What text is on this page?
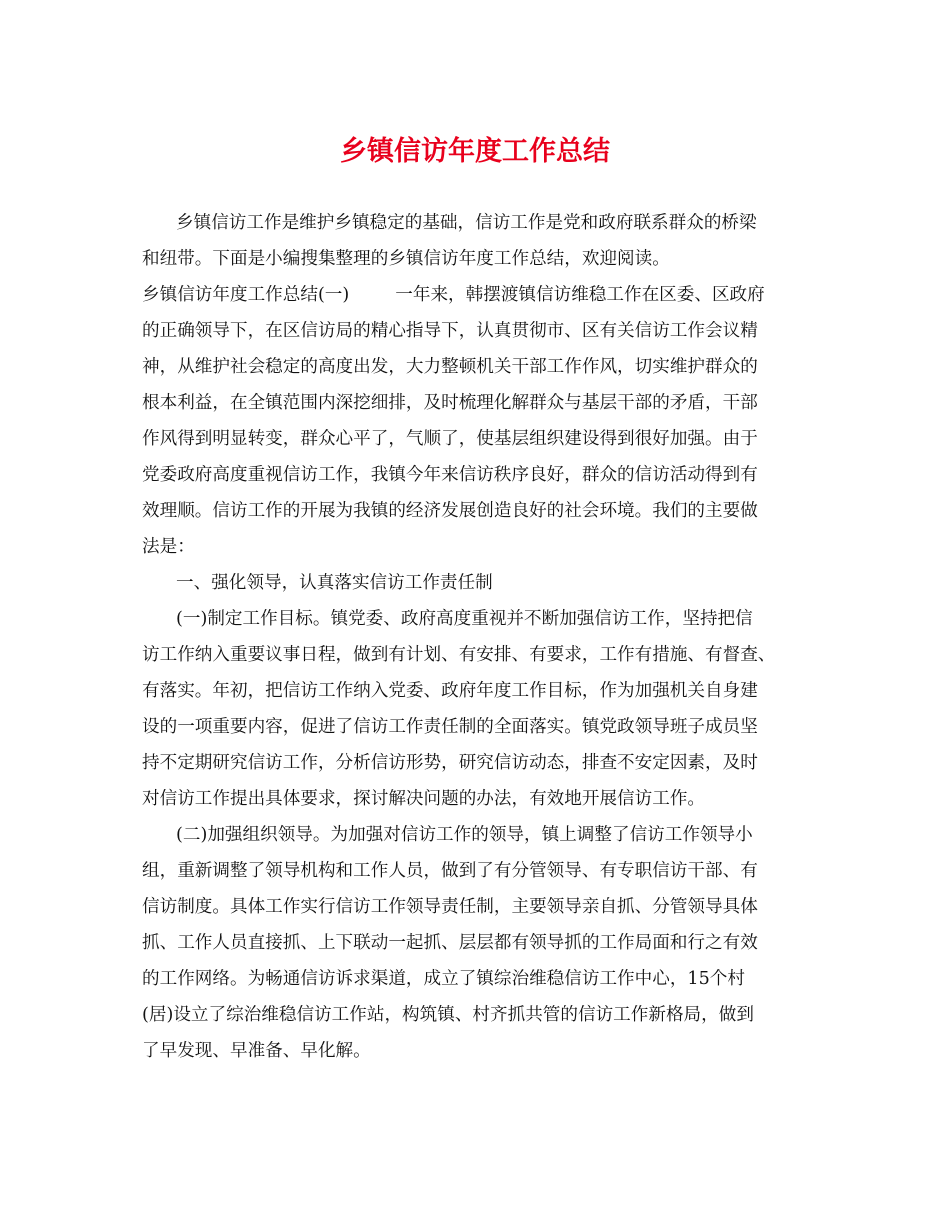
乡镇信访年度工作总结

乡镇信访工作是维护乡镇稳定的基础，信访工作是党和政府联系群众的桥梁

和纽带。下面是小编搜集整理的乡镇信访年度工作总结，欢迎阅读。

乡镇信访年度工作总结(一)	一年来，韩摆渡镇信访维稳工作在区委、区政府

的正确领导下，在区信访局的精心指导下，认真贯彻市、区有关信访工作会议精

神，从维护社会稳定的高度出发，大力整顿机关干部工作作风，切实维护群众的

根本利益，在全镇范围内深挖细排，及时梳理化解群众与基层干部的矛盾，干部

作风得到明显转变，群众心平了，气顺了，使基层组织建设得到很好加强。由于

党委政府高度重视信访工作，我镇今年来信访秩序良好，群众的信访活动得到有

效理顺。信访工作的开展为我镇的经济发展创造良好的社会环境。我们的主要做

法是：

一、强化领导，认真落实信访工作责任制

(一)制定工作目标。镇党委、政府高度重视并不断加强信访工作，坚持把信

访工作纳入重要议事日程，做到有计划、有安排、有要求，工作有措施、有督查、

有落实。年初，把信访工作纳入党委、政府年度工作目标，作为加强机关自身建

设的一项重要内容，促进了信访工作责任制的全面落实。镇党政领导班子成员坚

持不定期研究信访工作，分析信访形势，研究信访动态，排查不安定因素，及时

对信访工作提出具体要求，探讨解决问题的办法，有效地开展信访工作。

(二)加强组织领导。为加强对信访工作的领导，镇上调整了信访工作领导小

组，重新调整了领导机构和工作人员，做到了有分管领导、有专职信访干部、有

信访制度。具体工作实行信访工作领导责任制，主要领导亲自抓、分管领导具体

抓、工作人员直接抓、上下联动一起抓、层层都有领导抓的工作局面和行之有效

的工作网络。为畅通信访诉求渠道，成立了镇综治维稳信访工作中心，15个村

(居)设立了综治维稳信访工作站，构筑镇、村齐抓共管的信访工作新格局，做到

了早发现、早准备、早化解。
